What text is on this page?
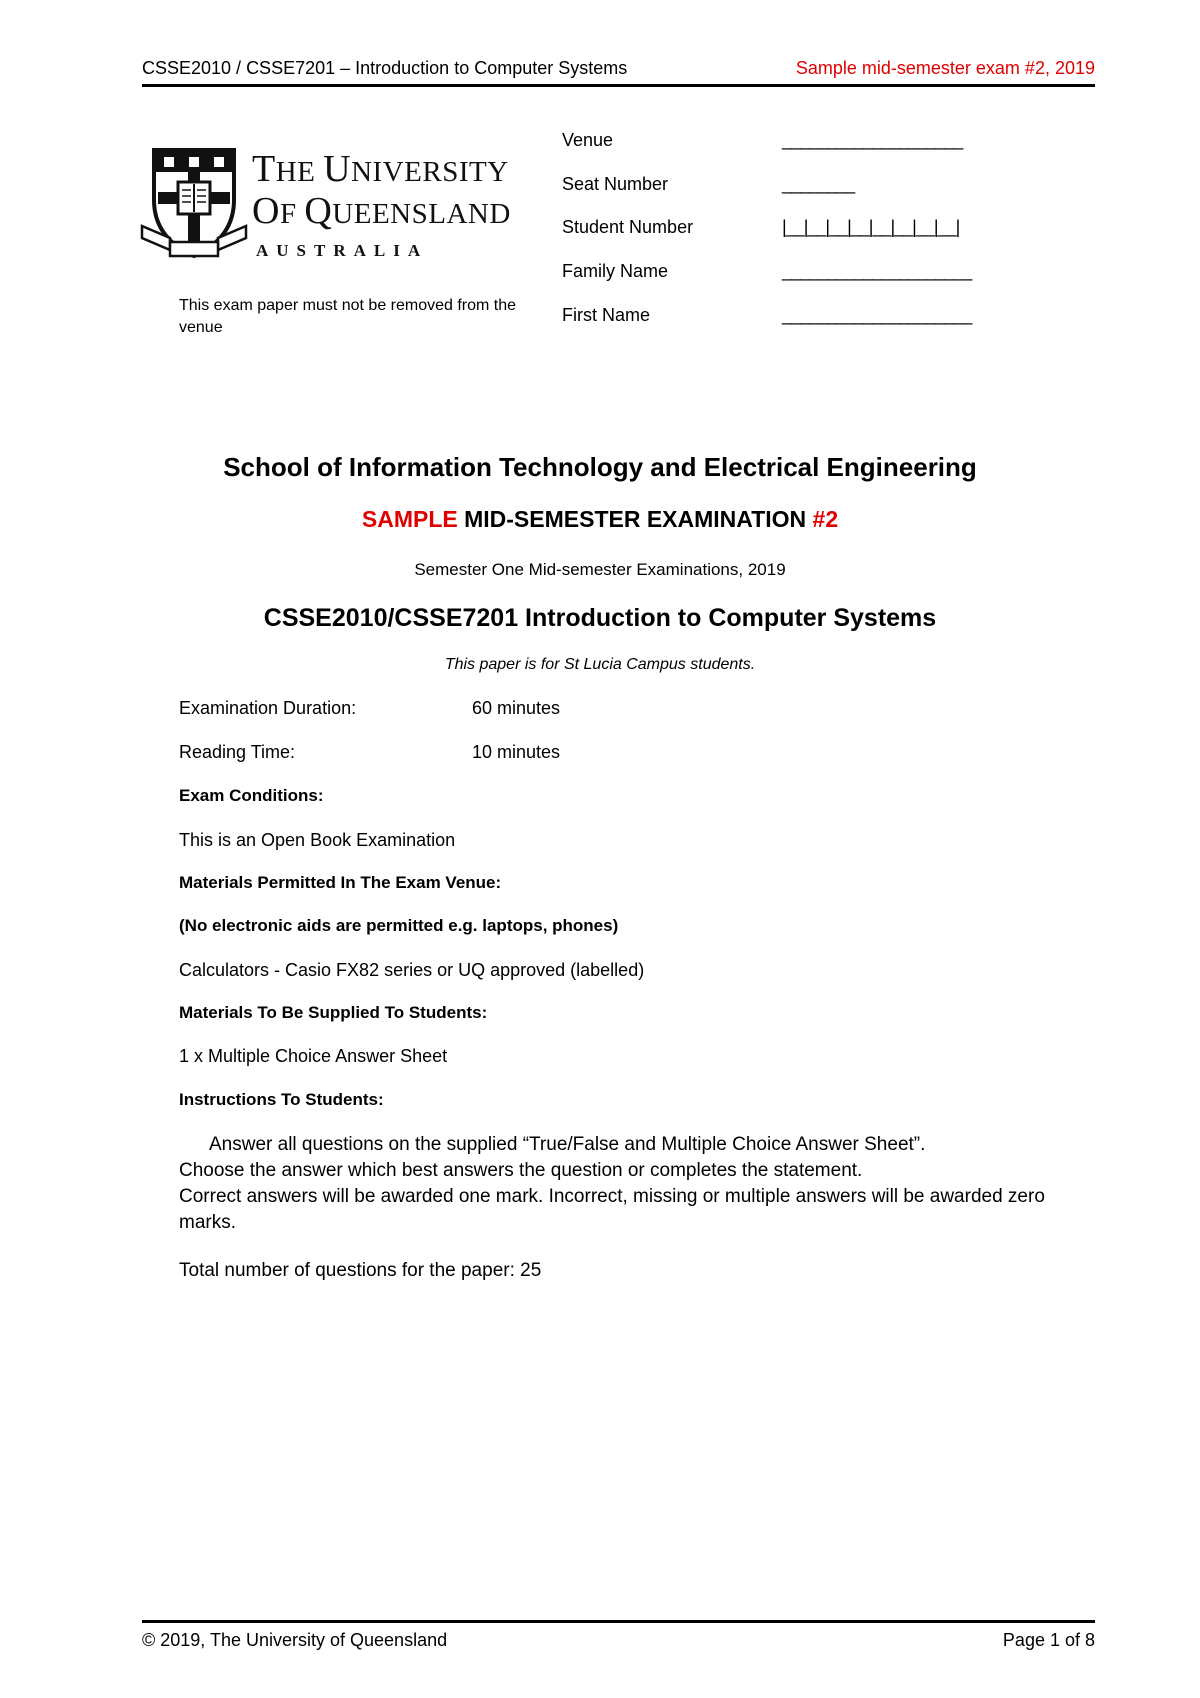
CSSE2010 / CSSE7201 – Introduction to Computer Systems	Sample mid-semester exam #2, 2019
THE UNIVERSITY
OF QUEENSLAND
AUSTRALIA
This exam paper must not be removed from the venue
Venue	____________________
Seat Number	________
Student Number	|__|__|__|__|__|__|__|__|
Family Name	_____________________
First Name	_____________________
School of Information Technology and Electrical Engineering
SAMPLE MID-SEMESTER EXAMINATION #2
Semester One Mid-semester Examinations, 2019
CSSE2010/CSSE7201 Introduction to Computer Systems
This paper is for St Lucia Campus students.
Examination Duration:	60 minutes
Reading Time:	10 minutes
Exam Conditions:
This is an Open Book Examination
Materials Permitted In The Exam Venue:
(No electronic aids are permitted e.g. laptops, phones)
Calculators - Casio FX82 series or UQ approved (labelled)
Materials To Be Supplied To Students:
1 x Multiple Choice Answer Sheet
Instructions To Students:
Answer all questions on the supplied “True/False and Multiple Choice Answer Sheet”.
Choose the answer which best answers the question or completes the statement.
Correct answers will be awarded one mark. Incorrect, missing or multiple answers will be awarded zero marks.
Total number of questions for the paper: 25
© 2019, The University of Queensland	Page 1 of 8
